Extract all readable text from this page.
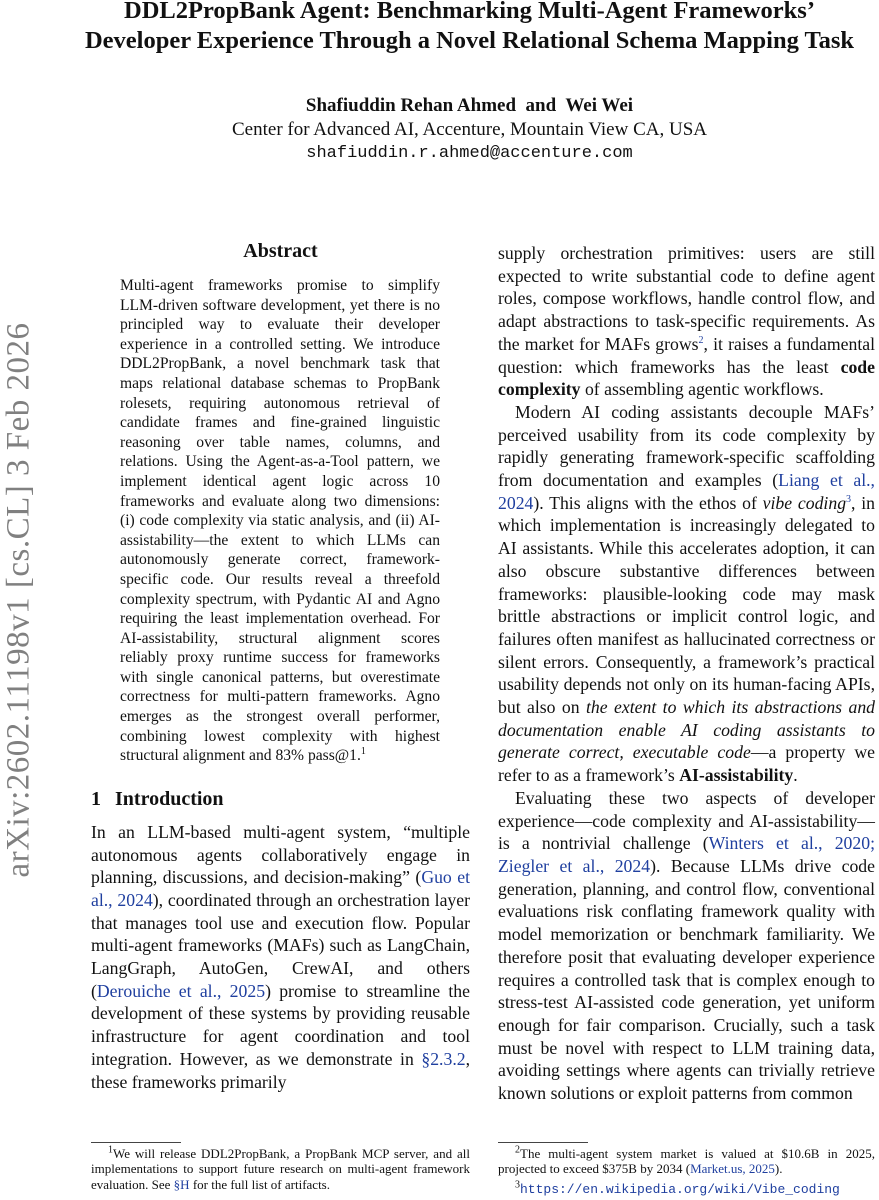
arXiv:2602.11198v1 [cs.CL] 3 Feb 2026
DDL2PropBank Agent: Benchmarking Multi-Agent Frameworks’
Developer Experience Through a Novel Relational Schema Mapping Task
Shafiuddin Rehan Ahmed  and  Wei Wei
Center for Advanced AI, Accenture, Mountain View CA, USA
shafiuddin.r.ahmed@accenture.com
Abstract

Multi-agent frameworks promise to simplify LLM-driven software development, yet there is no principled way to evaluate their developer experience in a controlled setting. We introduce DDL2PropBank, a novel benchmark task that maps relational database schemas to PropBank rolesets, requiring autonomous retrieval of candidate frames and fine-grained linguistic reasoning over table names, columns, and relations. Using the Agent-as-a-Tool pattern, we implement identical agent logic across 10 frameworks and evaluate along two dimensions: (i) code complexity via static analysis, and (ii) AI-assistability—the extent to which LLMs can autonomously generate correct, framework-specific code. Our results reveal a threefold complexity spectrum, with Pydantic AI and Agno requiring the least implementation overhead. For AI-assistability, structural alignment scores reliably proxy runtime success for frameworks with single canonical patterns, but overestimate correctness for multi-pattern frameworks. Agno emerges as the strongest overall performer, combining lowest complexity with highest structural alignment and 83% pass@1.$^1$

1 Introduction

In an LLM-based multi-agent system, “multiple autonomous agents collaboratively engage in planning, discussions, and decision-making” (Guo et al., 2024), coordinated through an orchestration layer that manages tool use and execution flow. Popular multi-agent frameworks (MAFs) such as LangChain, LangGraph, AutoGen, CrewAI, and others (Derouiche et al., 2025) promise to streamline the development of these systems by providing reusable infrastructure for agent coordination and tool integration. However, as we demonstrate in §2.3.2, these frameworks primarily

supply orchestration primitives: users are still expected to write substantial code to define agent roles, compose workflows, handle control flow, and adapt abstractions to task-specific requirements. As the market for MAFs grows$^2$, it raises a fundamental question: which frameworks has the least code complexity of assembling agentic workflows.

Modern AI coding assistants decouple MAFs’ perceived usability from its code complexity by rapidly generating framework-specific scaffolding from documentation and examples (Liang et al., 2024). This aligns with the ethos of vibe coding$^3$, in which implementation is increasingly delegated to AI assistants. While this accelerates adoption, it can also obscure substantive differences between frameworks: plausible-looking code may mask brittle abstractions or implicit control logic, and failures often manifest as hallucinated correctness or silent errors. Consequently, a framework’s practical usability depends not only on its human-facing APIs, but also on the extent to which its abstractions and documentation enable AI coding assistants to generate correct, executable code—a property we refer to as a framework’s AI-assistability.

Evaluating these two aspects of developer experience—code complexity and AI-assistability—is a nontrivial challenge (Winters et al., 2020; Ziegler et al., 2024). Because LLMs drive code generation, planning, and control flow, conventional evaluations risk conflating framework quality with model memorization or benchmark familiarity. We therefore posit that evaluating developer experience requires a controlled task that is complex enough to stress-test AI-assisted code generation, yet uniform enough for fair comparison. Crucially, such a task must be novel with respect to LLM training data, avoiding settings where agents can trivially retrieve known solutions or exploit patterns from common

$^1$We will release DDL2PropBank, a PropBank MCP server, and all implementations to support future research on multi-agent framework evaluation. See §H for the full list of artifacts.
$^2$The multi-agent system market is valued at $10.6B in 2025, projected to exceed $375B by 2034 (Market.us, 2025).
$^3$https://en.wikipedia.org/wiki/Vibe_coding
